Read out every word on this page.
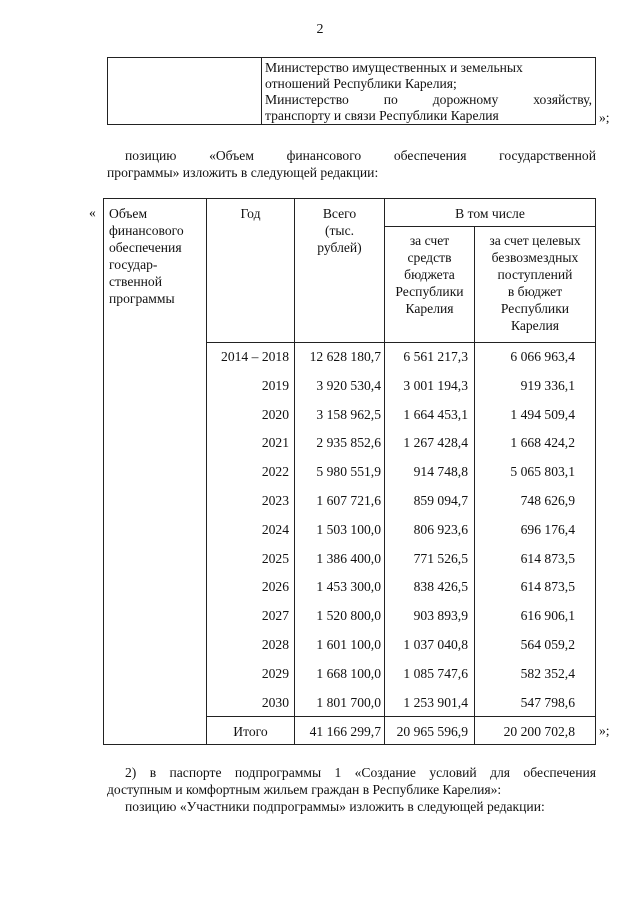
2
Министерство имущественных и земельных
отношений Республики Карелия;
Министерство по дорожному хозяйству,
транспорту и связи Республики Карелия	»;
позицию «Объем финансового обеспечения государственной
программы» изложить в следующей редакции:
« Объем
финансового
обеспечения
государ-
ственной
программы
Год	Всего
(тыс.
рублей)
В том числе
за счет
средств
бюджета
Республики
Карелия
за счет целевых
безвозмездных
поступлений
в бюджет
Республики
Карелия
2014 – 2018	12 628 180,7	6 561 217,3	6 066 963,4
2019	3 920 530,4	3 001 194,3	919 336,1
2020	3 158 962,5	1 664 453,1	1 494 509,4
2021	2 935 852,6	1 267 428,4	1 668 424,2
2022	5 980 551,9	914 748,8	5 065 803,1
2023	1 607 721,6	859 094,7	748 626,9
2024	1 503 100,0	806 923,6	696 176,4
2025	1 386 400,0	771 526,5	614 873,5
2026	1 453 300,0	838 426,5	614 873,5
2027	1 520 800,0	903 893,9	616 906,1
2028	1 601 100,0	1 037 040,8	564 059,2
2029	1 668 100,0	1 085 747,6	582 352,4
2030	1 801 700,0	1 253 901,4	547 798,6
Итого	41 166 299,7	20 965 596,9	20 200 702,8 »;
2) в паспорте подпрограммы 1 «Создание условий для обеспечения
доступным и комфортным жильем граждан в Республике Карелия»:
позицию «Участники подпрограммы» изложить в следующей редакции:
